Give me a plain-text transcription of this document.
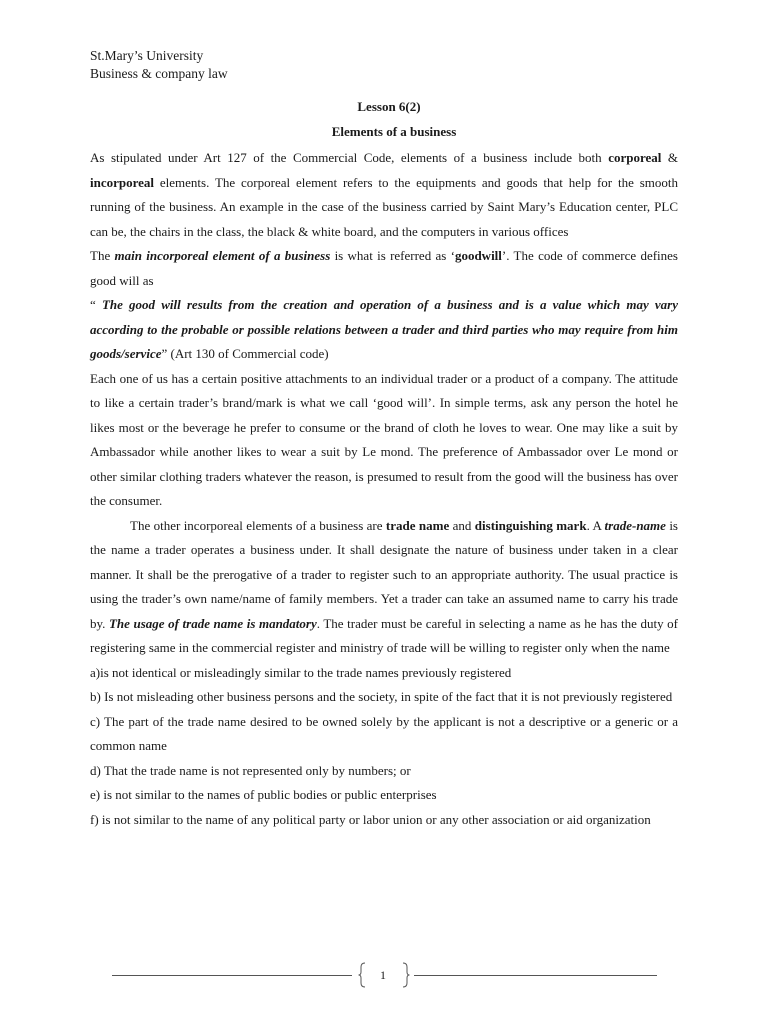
St.Mary’s University
Business & company law
Lesson 6(2)
Elements of a business

As stipulated under Art 127 of the Commercial Code, elements of a business include both corporeal & incorporeal elements. The corporeal element refers to the equipments and goods that help for the smooth running of the business. An example in the case of the business carried by Saint Mary’s Education center, PLC can be, the chairs in the class, the black & white board, and the computers in various offices

The main incorporeal element of a business is what is referred as ‘goodwill’. The code of commerce defines good will as

“ The good will results from the creation and operation of a business and is a value which may vary according to the probable or possible relations between a trader and third parties who may require from him goods/service” (Art 130 of Commercial code)

Each one of us has a certain positive attachments to an individual trader or a product of a company. The attitude to like a certain trader’s brand/mark is what we call ‘good will’. In simple terms, ask any person the hotel he likes most or the beverage he prefer to consume or the brand of cloth he loves to wear. One may like a suit by Ambassador while another likes to wear a suit by Le mond. The preference of Ambassador over Le mond or other similar clothing traders whatever the reason, is presumed to result from the good will the business has over the consumer.

The other incorporeal elements of a business are trade name and distinguishing mark. A trade-name is the name a trader operates a business under. It shall designate the nature of business under taken in a clear manner. It shall be the prerogative of a trader to register such to an appropriate authority. The usual practice is using the trader’s own name/name of family members. Yet a trader can take an assumed name to carry his trade by. The usage of trade name is mandatory. The trader must be careful in selecting a name as he has the duty of registering same in the commercial register and ministry of trade will be willing to register only when the name

a)is not identical or misleadingly similar to the trade names previously registered

b) Is not misleading other business persons and the society, in spite of the fact that it is not previously registered

c) The part of the trade name desired to be owned solely by the applicant is not a descriptive or a generic or a common name

d) That the trade name is not represented only by numbers; or

e) is not similar to the names of public bodies or public enterprises

f) is not similar to the name of any political party or labor union or any other association or aid organization

1
